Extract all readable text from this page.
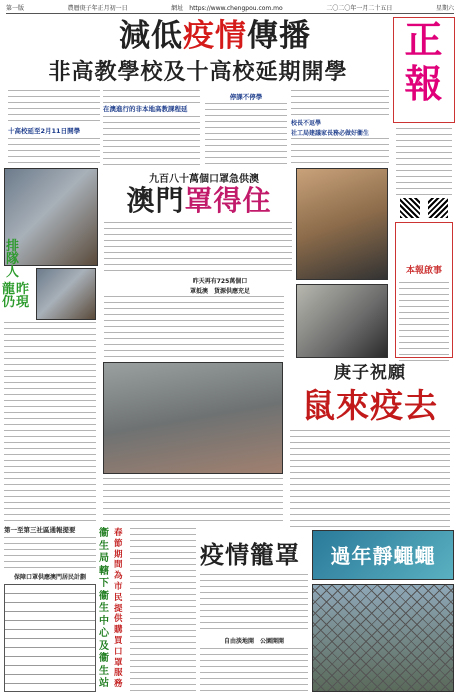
第一版	農曆庚子年正月初一日	網址　 https://www.chengpou.com.mo	二〇二〇年一月二十五日	星期六
減低疫情傳播
非高教學校及十高校延期開學
正
報
十高校延至2月11日開學
在澳進行的非本地高教課程延
停課不停學
校長不返學
社工局建議家長務必做好衞生
排
隊
人
龍昨仍現
九百八十萬個口罩急供澳
澳門罩得住
昨天再有725萬個口
罩抵澳　貨源供應充足
本報啟事
庚子祝願
鼠來疫去
第一至第三社區通報提要
保障口罩供應澳門居民計劃
衞
生
局
轄
下
衞
生
中
心
及
衞
生
站
春
節
期
間
為
市
民
提
供
購
買
口
罩
服
務
疫情籠罩	過年靜蠅蠅
自由淡地開　公園開開
